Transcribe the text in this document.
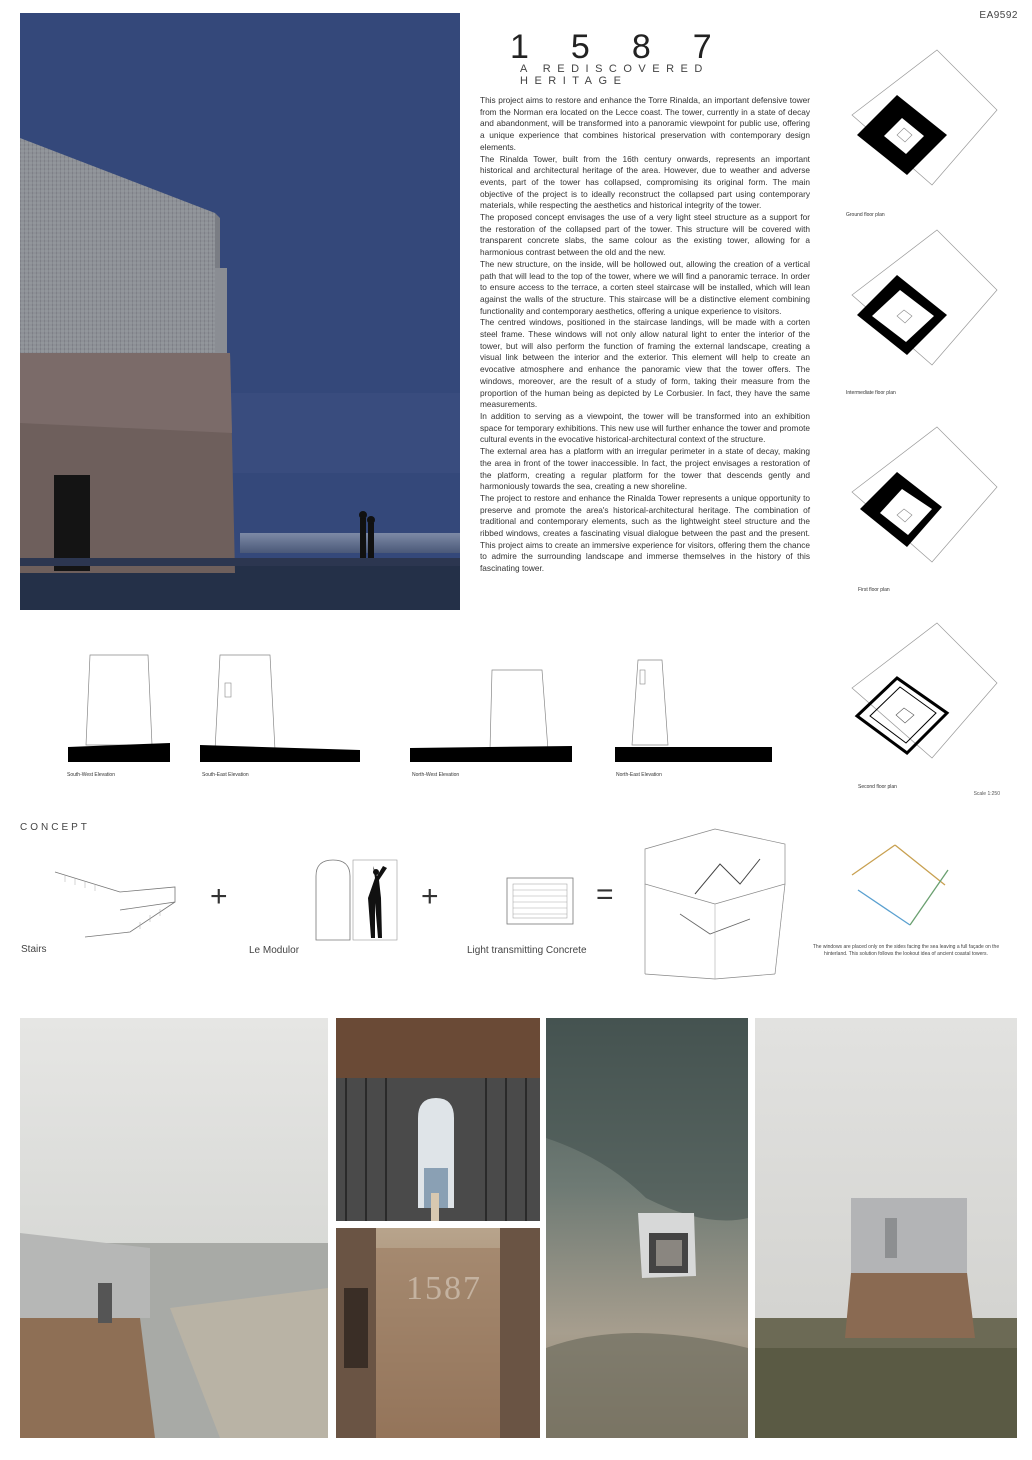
EA9592
1587
A REDISCOVERED HERITAGE

This project aims to restore and enhance the Torre Rinalda, an important defensive tower from the Norman era located on the Lecce coast. The tower, currently in a state of decay and abandonment, will be transformed into a panoramic viewpoint for public use, offering a unique experience that combines historical preservation with contemporary design elements.

The Rinalda Tower, built from the 16th century onwards, represents an important historical and architectural heritage of the area. However, due to weather and adverse events, part of the tower has collapsed, compromising its original form. The main objective of the project is to ideally reconstruct the collapsed part using contemporary materials, while respecting the aesthetics and historical integrity of the tower.

The proposed concept envisages the use of a very light steel structure as a support for the restoration of the collapsed part of the tower. This structure will be covered with transparent concrete slabs, the same colour as the existing tower, allowing for a harmonious contrast between the old and the new.

The new structure, on the inside, will be hollowed out, allowing the creation of a vertical path that will lead to the top of the tower, where we will find a panoramic terrace. In order to ensure access to the terrace, a corten steel staircase will be installed, which will lean against the walls of the structure. This staircase will be a distinctive element combining functionality and contemporary aesthetics, offering a unique experience to visitors.

The centred windows, positioned in the staircase landings, will be made with a corten steel frame. These windows will not only allow natural light to enter the interior of the tower, but will also perform the function of framing the external landscape, creating a visual link between the interior and the exterior. This element will help to create an evocative atmosphere and enhance the panoramic view that the tower offers. The windows, moreover, are the result of a study of form, taking their measure from the proportion of the human being as depicted by Le Corbusier. In fact, they have the same measurements.

In addition to serving as a viewpoint, the tower will be transformed into an exhibition space for temporary exhibitions. This new use will further enhance the tower and promote cultural events in the evocative historical-architectural context of the structure.

The external area has a platform with an irregular perimeter in a state of decay, making the area in front of the tower inaccessible. In fact, the project envisages a restoration of the platform, creating a regular platform for the tower that descends gently and harmoniously towards the sea, creating a new shoreline.

The project to restore and enhance the Rinalda Tower represents a unique opportunity to preserve and promote the area's historical-architectural heritage. The combination of traditional and contemporary elements, such as the lightweight steel structure and the ribbed windows, creates a fascinating visual dialogue between the past and the present. This project aims to create an immersive experience for visitors, offering them the chance to admire the surrounding landscape and immerse themselves in the history of this fascinating tower.

Ground floor plan
Intermediate floor plan
First floor plan
Second floor plan
Scale 1:250
South-West Elevation	South-East Elevation	North-West Elevation	North-East Elevation
CONCEPT
Stairs
+
Le Modulor
+
Light transmitting Concrete
=
The windows are placed only on the sides facing the sea leaving a full façade on the hinterland. This solution follows the lookout idea of ancient coastal towers.
1587
